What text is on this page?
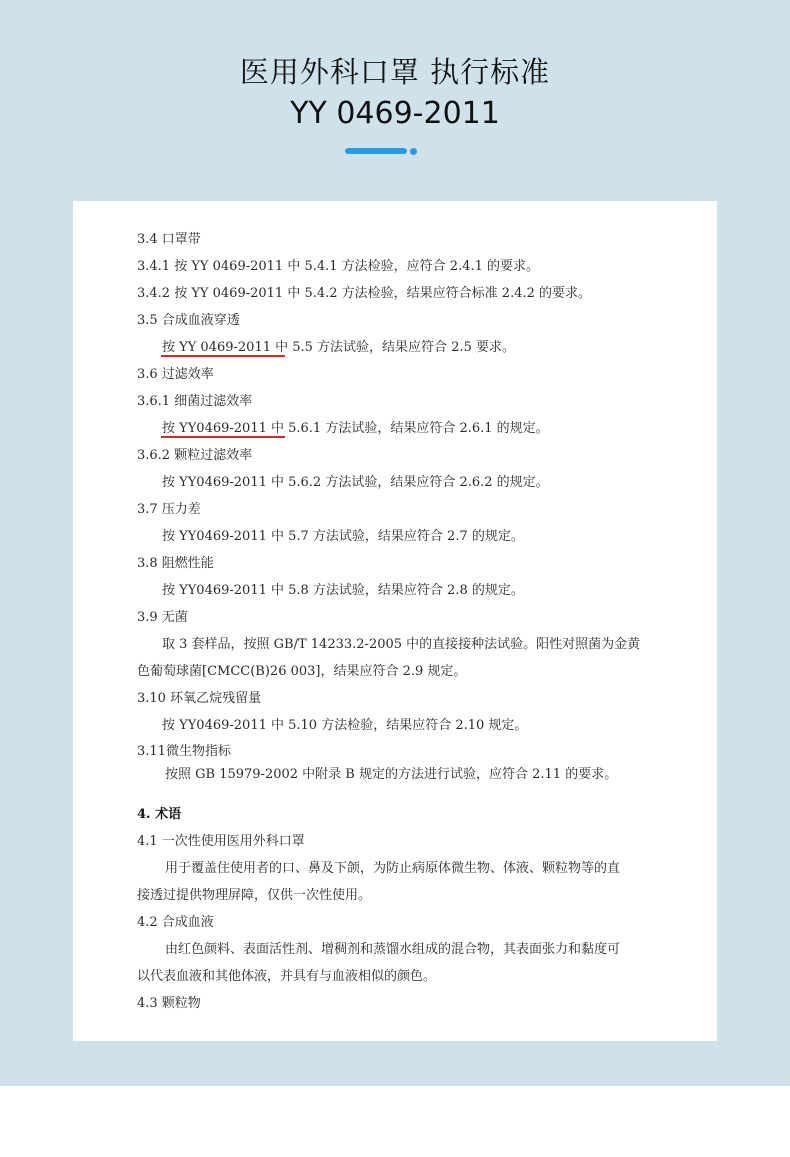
医用外科口罩 执行标准
YY 0469-2011

3.4 口罩带

3.4.1 按 YY 0469-2011 中 5.4.1 方法检验，应符合 2.4.1 的要求。

3.4.2 按 YY 0469-2011 中 5.4.2 方法检验，结果应符合标准 2.4.2 的要求。

3.5 合成血液穿透

按 YY 0469-2011 中 5.5 方法试验，结果应符合 2.5 要求。

3.6 过滤效率

3.6.1 细菌过滤效率

按 YY0469-2011 中 5.6.1 方法试验，结果应符合 2.6.1 的规定。

3.6.2 颗粒过滤效率

按 YY0469-2011 中 5.6.2 方法试验，结果应符合 2.6.2 的规定。

3.7 压力差

按 YY0469-2011 中 5.7 方法试验，结果应符合 2.7 的规定。

3.8 阻燃性能

按 YY0469-2011 中 5.8 方法试验，结果应符合 2.8 的规定。

3.9 无菌

取 3 套样品，按照 GB/T 14233.2-2005 中的直接接种法试验。阳性对照菌为金黄

色葡萄球菌[CMCC(B)26 003]，结果应符合 2.9 规定。

3.10 环氧乙烷残留量

按 YY0469-2011 中 5.10 方法检验，结果应符合 2.10 规定。

3.11微生物指标

按照 GB 15979-2002 中附录 B 规定的方法进行试验，应符合 2.11 的要求。

4. 术语

4.1 一次性使用医用外科口罩

用于覆盖住使用者的口、鼻及下颌，为防止病原体微生物、体液、颗粒物等的直

接透过提供物理屏障，仅供一次性使用。

4.2 合成血液

由红色颜料、表面活性剂、增稠剂和蒸馏水组成的混合物，其表面张力和黏度可

以代表血液和其他体液，并具有与血液相似的颜色。

4.3 颗粒物
